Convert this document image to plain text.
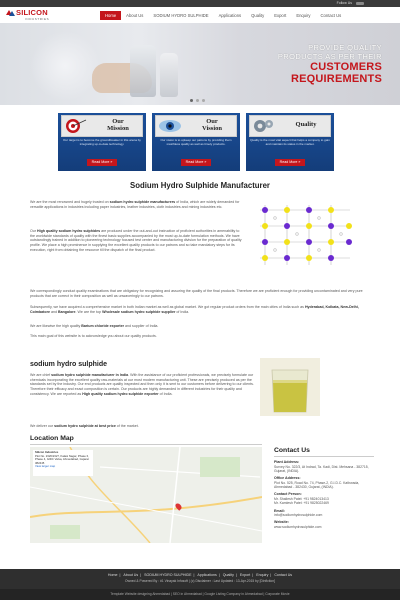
Follow Us
SILICON
INDUSTRIES
Home	About Us	SODIUM HYDRO SULPHIDE	Applications	Quality	Export	Enquiry	Contact Us
PROVIDE QUALITY
PRODUCTS AS PER THEIR
CUSTOMERS
REQUIREMENTS
Our
Mission
Our target is to become the groundbreaker in this arena by integrating up-to-date technology.
Read More »
Our
Vission
Our vision is to upkeep our patrons by providing them matchless quality as well as timely products.
Read More »
Quality
Quality is the most vital aspect that helps a company to gain and maintain its status in the market.
Read More »
Sodium Hydro Sulphide Manufacturer
We are the most renowned and hugely trusted on sodium hydro sulphide manufacturers of India, which are widely demanded for versatile applications in industries including paper industries, leather industries, cloth industries and mining industries etc.
Our High quality sodium hydro sulphides are produced under the out-and-out instruction of proficient authorities in amenability to the worldwide standards of quality with the finest basic supplies accompanied by the most up-to-date formulation methods. We have outstandingly trained in addition to pioneering technology focused test center and manufacturing division for the preparation of quality profile. We place a high prominence in supplying the excellent quality products to our patrons and so take mandatory steps for its execution, right from obtaining the resource till the dispatch of the final product.
We correspondingly conduct quality examinations that are obligatory for recognizing and assuring the quality of the final products. Therefore we are proficient enough for providing uncontaminated and very pure products that are correct in their composition as well as unwaveringly to our patrons.
Subsequently, we have acquired a comprehensive market in both Indian market as well as global market. We got regular product orders from the main cities of India such as Hyderabad, Kolkata, New-Delhi, Coimbatore and Bangalore. We are the top Wholesale sodium hydro sulphide supplier of India.
We are likewise the high quality Barium chloride exporter and supplier of India.
This main goal of this website is to acknowledge you about our quality products.
sodium hydro sulphide
We are chief sodium hydro sulphide manufacturer in India. With the assistance of our proficient professionals, we precisely formulate our chemicals incorporating the excellent quality raw-materials at our most modern manufacturing unit. These are precisely produced as per the standards set by the industry. Our end products are quality inspected and then only it is sent to our customers before delivering to our clients. Therefore their efficacy and exact composition is certain. Our products are highly demanded in different industries for their quality and consistency. We are reported as High quality sodium hydro sulphide exporter of India.
We deliver our sodium hydro sulphide at best price of the market.
Location Map
Silicon Industries
Plot No. 2326/2327, Kalasi Nagar, Phase II, Phase 4, GIDC Vatva, Ahmedabad, Gujarat 382445
View larger map
Contact Us
Plant Address:
Survey No. 322/3, At Indrad, Ta. Kadi, Dist. Mehsana - 382715, Gujarat, (INDIA).
Office Address:
Plot No. 525, Road No. 74, Phase-2, G.I.D.C. Kathwada, Ahmedabad - 382430, Gujarat, (INDIA).
Contact Person:
Mr. Shailesh Patel: +91 9824013413
Mr. Kamlesh Patel: +91 9825022469
Email:
info@sodiumhydrosulphide.com
Website:
www.sodiumhydrosulphide.com
Home | About Us | SODIUM HYDRO SULPHIDE | Applications | Quality | Export | Enquiry | Contact Us
Owned & Powered By : #1 Vinayak Infosoft | (c) Disclaimer : Last Updated : 13-Apr-2015 by [Dinfiction]
Template Website designing Ahmedabad | SEO in Ahmedabad | Google Listing Company in Ahmedabad | Corporate Movie
